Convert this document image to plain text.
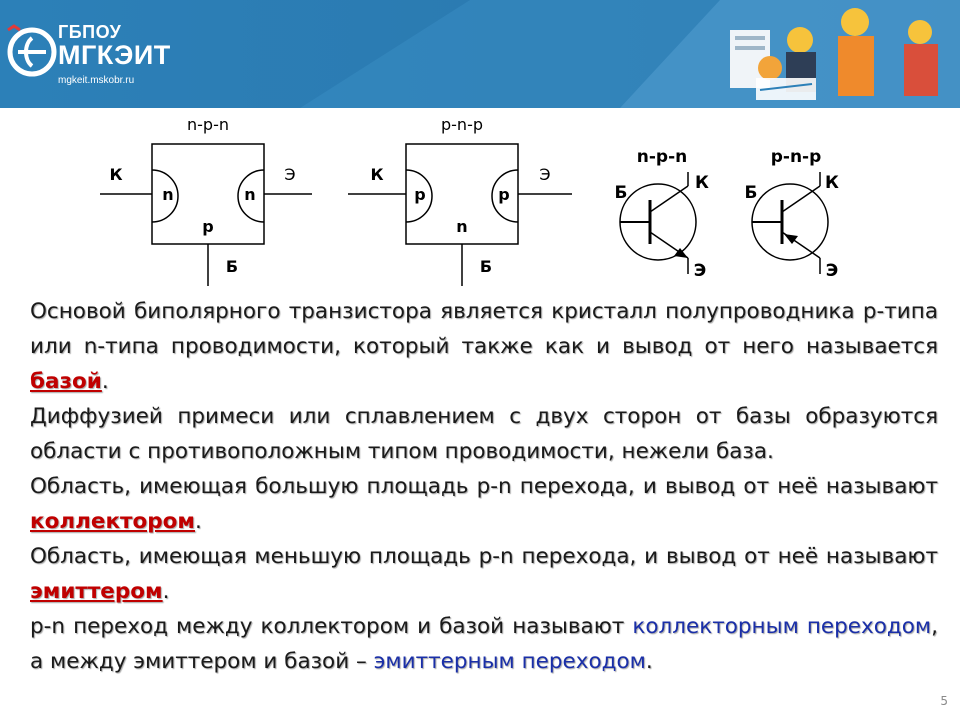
ГБПОУ
МГКЭИТ
mgkeit.mskobr.ru
n-p-n
К	Э
n	n
p
Б
p-n-p
К	Э
p	p
n
Б
n-p-n
Б	К
Э
p-n-p
Б	К
Э

Основой биполярного транзистора является кристалл полупроводника p-типа или n-типа проводимости, который также как и вывод от него называется базой.

Диффузией примеси или сплавлением с двух сторон от базы образуются области с противоположным типом проводимости, нежели база.

Область, имеющая большую площадь p-n перехода, и вывод от неё называют коллектором.

Область, имеющая меньшую площадь p-n перехода, и вывод от неё называют эмиттером.

p-n переход между коллектором и базой называют коллекторным переходом, а между эмиттером и базой – эмиттерным переходом.

5
